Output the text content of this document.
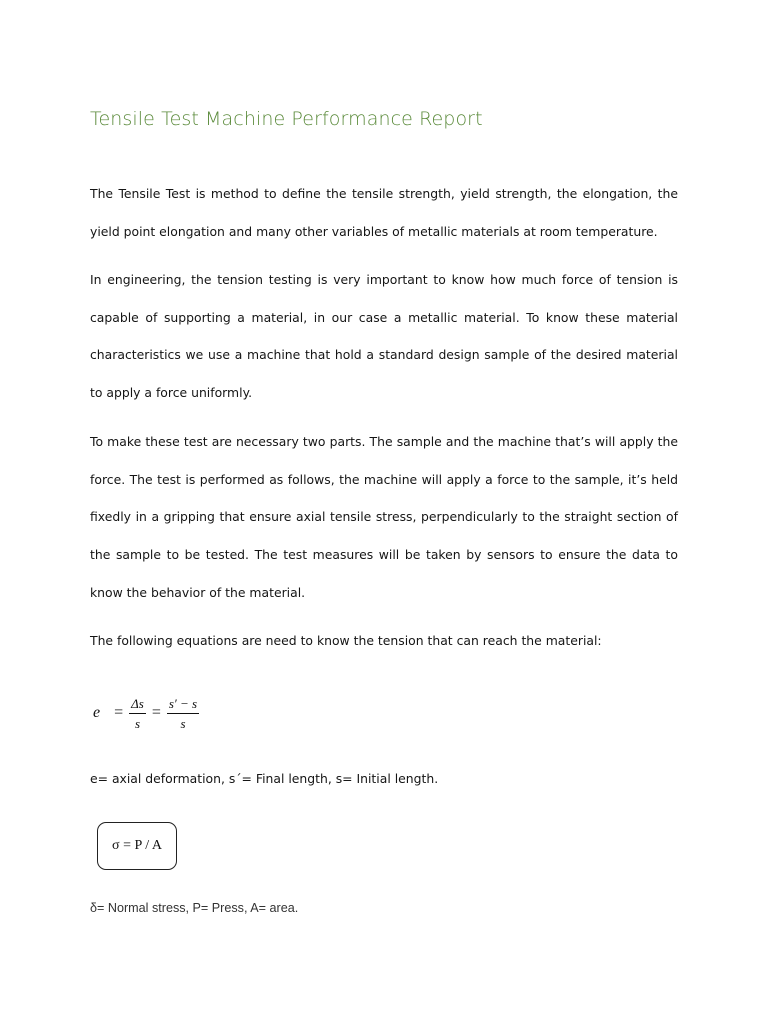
Tensile Test Machine Performance Report

The Tensile Test is method to define the tensile strength, yield strength, the elongation, the yield point elongation and many other variables of metallic materials at room temperature.

In engineering, the tension testing is very important to know how much force of tension is capable of supporting a material, in our case a metallic material. To know these material characteristics we use a machine that hold a standard design sample of the desired material to apply a force uniformly.

To make these test are necessary two parts. The sample and the machine that’s will apply the force. The test is performed as follows, the machine will apply a force to the sample, it’s held fixedly in a gripping that ensure axial tensile stress, perpendicularly to the straight section of the sample to be tested. The test measures will be taken by sensors to ensure the data to know the behavior of the material.

The following equations are need to know the tension that can reach the material:

$e = \frac{\Delta s}{s} = \frac{s' - s}{s}$
e= axial deformation, s´= Final length, s= Initial length.
σ = P / A
δ= Normal stress, P= Press, A= area.
